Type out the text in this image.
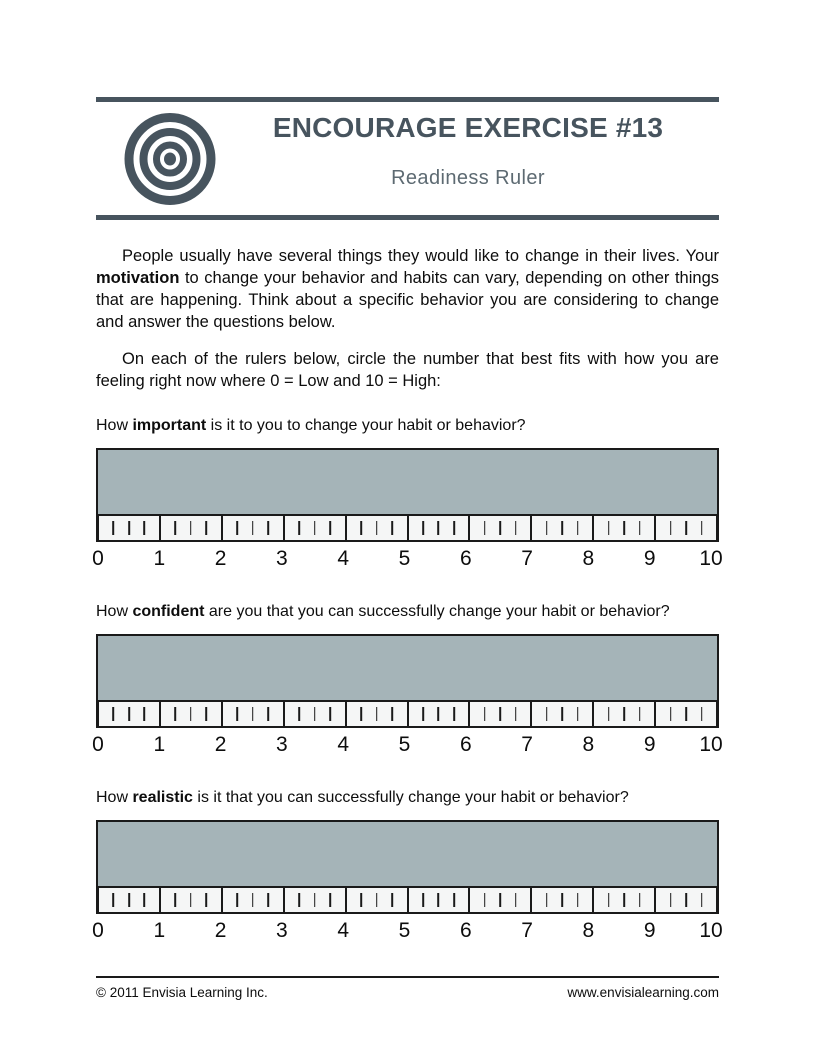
ENCOURAGE EXERCISE #13
Readiness Ruler

People usually have several things they would like to change in their lives. Your motivation to change your behavior and habits can vary, depending on other things that are happening. Think about a specific behavior you are considering to change and answer the questions below.

On each of the rulers below, circle the number that best fits with how you are feeling right now where 0 = Low and 10 = High:

How important is it to you to change your habit or behavior?
0 1 2 3 4 5 6 7 8 9 10
How confident are you that you can successfully change your habit or behavior?
0 1 2 3 4 5 6 7 8 9 10
How realistic is it that you can successfully change your habit or behavior?
0 1 2 3 4 5 6 7 8 9 10
© 2011 Envisia Learning Inc.	www.envisialearning.com
